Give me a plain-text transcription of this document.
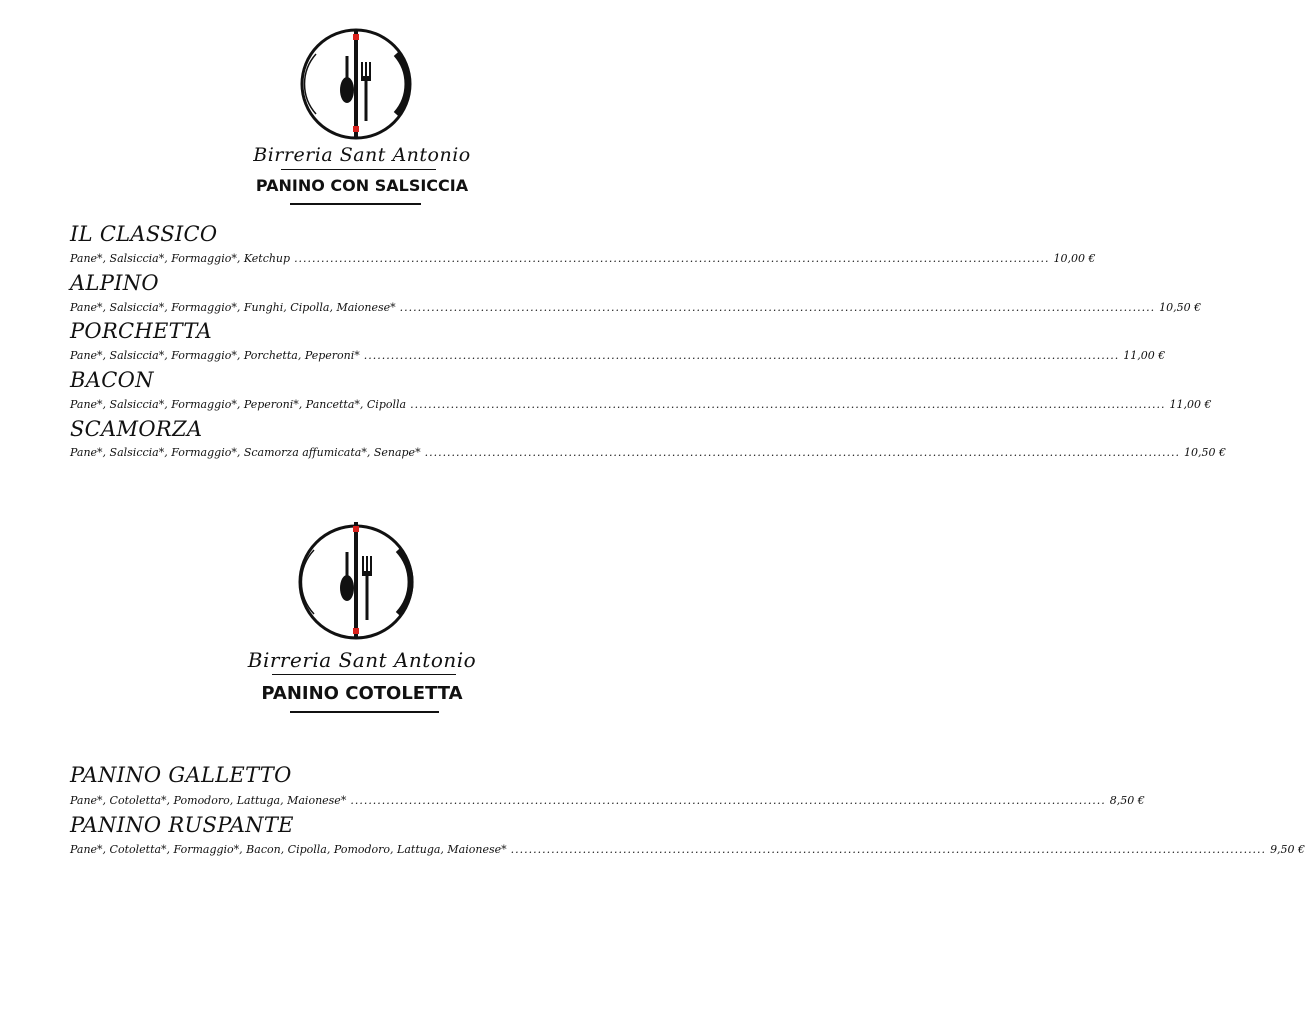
Birreria Sant Antonio
PANINO CON SALSICCIA
IL CLASSICO
Pane*, Salsiccia*, Formaggio*, Ketchup ........................................................................................................................................................................ 10,00 €
ALPINO
Pane*, Salsiccia*, Formaggio*, Funghi, Cipolla, Maionese* ........................................................................................................................................................................ 10,50 €
PORCHETTA
Pane*, Salsiccia*, Formaggio*, Porchetta, Peperoni* ........................................................................................................................................................................ 11,00 €
BACON
Pane*, Salsiccia*, Formaggio*, Peperoni*, Pancetta*, Cipolla ........................................................................................................................................................................ 11,00 €
SCAMORZA
Pane*, Salsiccia*, Formaggio*, Scamorza affumicata*, Senape* ........................................................................................................................................................................ 10,50 €
Birreria Sant Antonio
PANINO COTOLETTA
PANINO GALLETTO
Pane*, Cotoletta*, Pomodoro, Lattuga, Maionese* ........................................................................................................................................................................ 8,50 €
PANINO RUSPANTE
Pane*, Cotoletta*, Formaggio*, Bacon, Cipolla, Pomodoro, Lattuga, Maionese* ........................................................................................................................................................................ 9,50 €
